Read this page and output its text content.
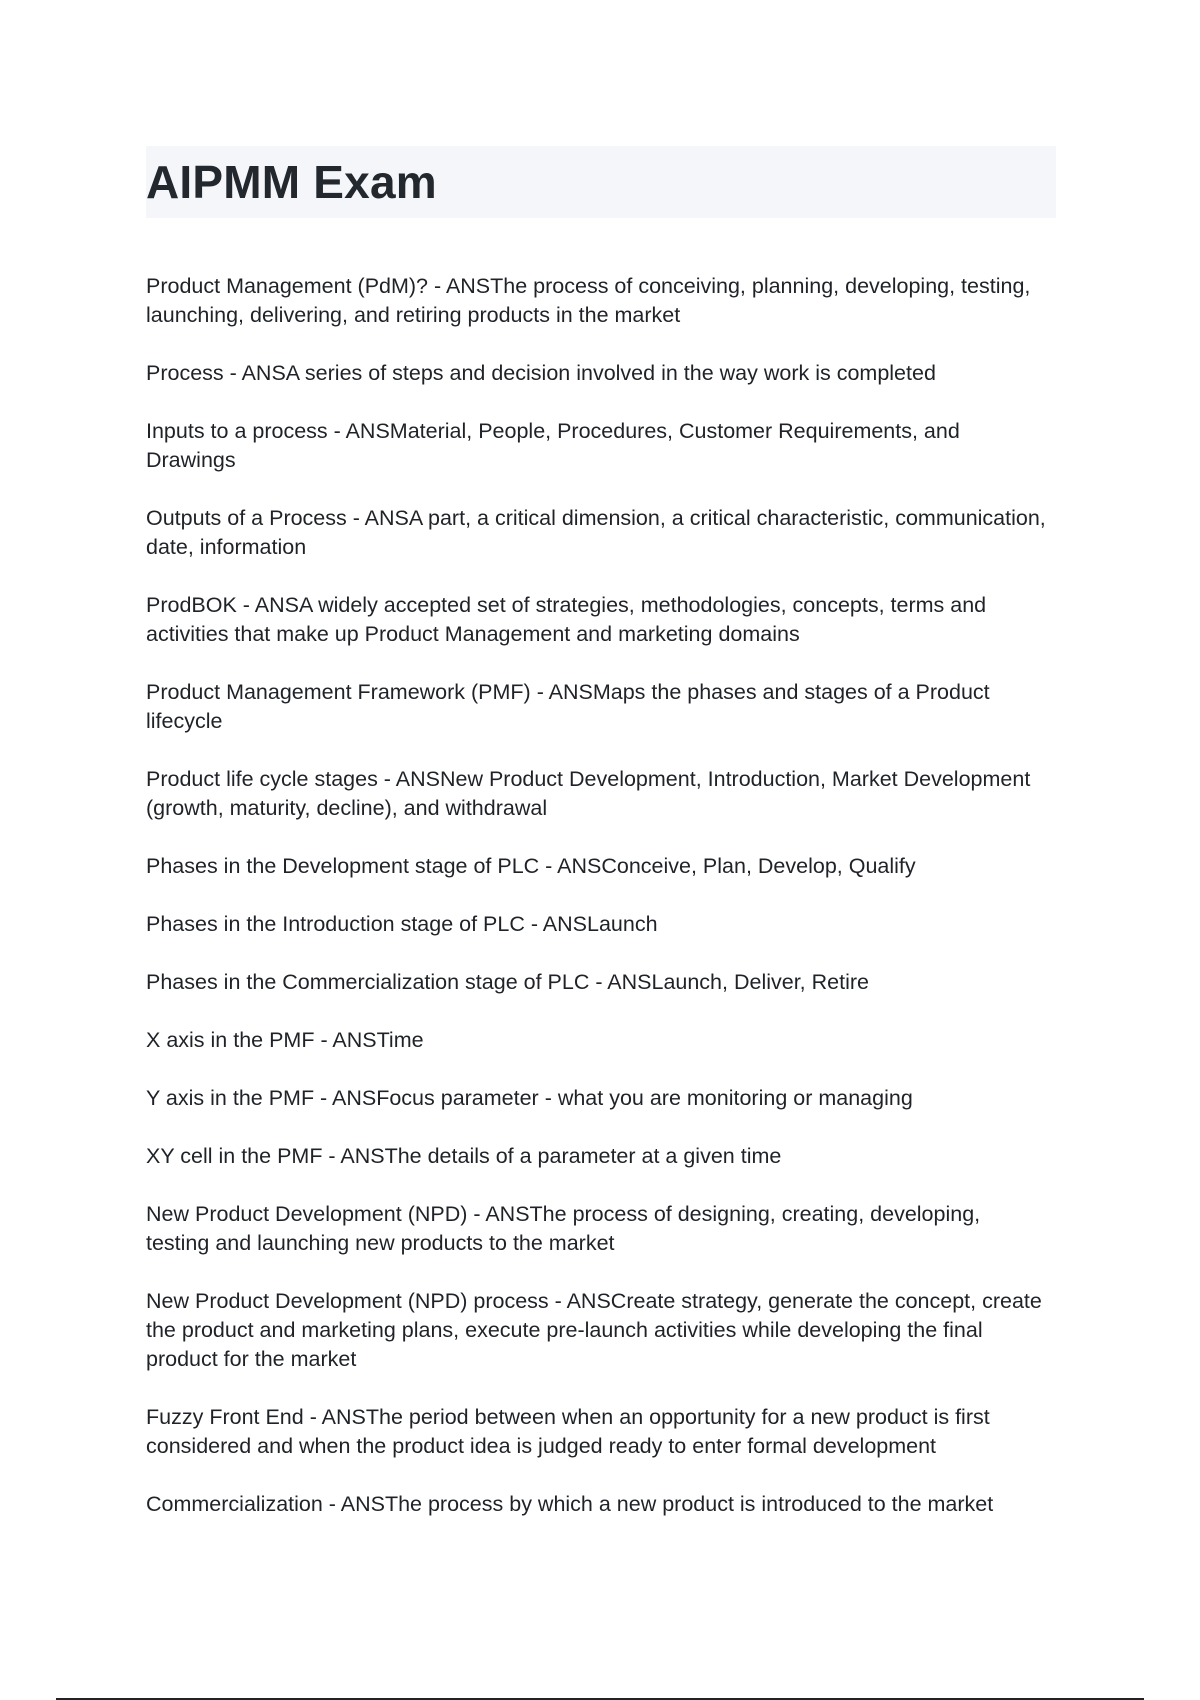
AIPMM Exam
Product Management (PdM)? - ANSThe process of conceiving, planning, developing, testing, launching, delivering, and retiring products in the market
Process - ANSA series of steps and decision involved in the way work is completed
Inputs to a process - ANSMaterial, People, Procedures, Customer Requirements, and Drawings
Outputs of a Process - ANSA part, a critical dimension, a critical characteristic, communication, date, information
ProdBOK - ANSA widely accepted set of strategies, methodologies, concepts, terms and activities that make up Product Management and marketing domains
Product Management Framework (PMF) - ANSMaps the phases and stages of a Product lifecycle
Product life cycle stages - ANSNew Product Development, Introduction, Market Development (growth, maturity, decline), and withdrawal
Phases in the Development stage of PLC - ANSConceive, Plan, Develop, Qualify
Phases in the Introduction stage of PLC - ANSLaunch
Phases in the Commercialization stage of PLC - ANSLaunch, Deliver, Retire
X axis in the PMF - ANSTime
Y axis in the PMF - ANSFocus parameter - what you are monitoring or managing
XY cell in the PMF - ANSThe details of a parameter at a given time
New Product Development (NPD) - ANSThe process of designing, creating, developing, testing and launching new products to the market
New Product Development (NPD) process - ANSCreate strategy, generate the concept, create the product and marketing plans, execute pre-launch activities while developing the final product for the market
Fuzzy Front End - ANSThe period between when an opportunity for a new product is first considered and when the product idea is judged ready to enter formal development
Commercialization - ANSThe process by which a new product is introduced to the market
